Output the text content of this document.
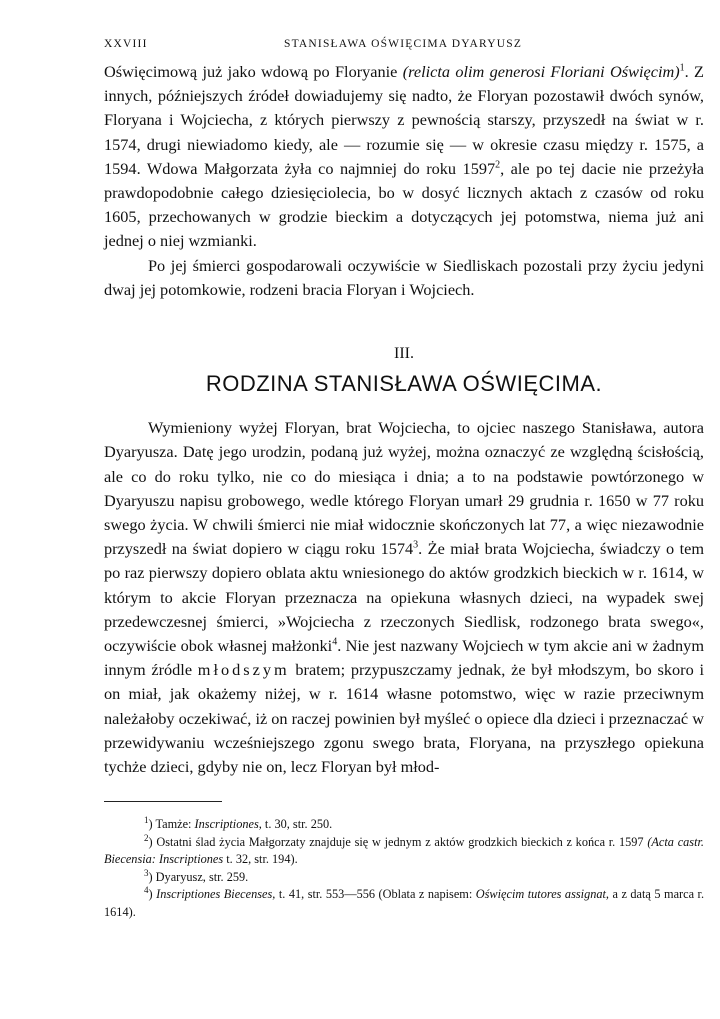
XXVIII	STANISŁAWA OŚWIĘCIMA DYARYUSZ

Oświęcimową już jako wdową po Floryanie (relicta olim generosi Floriani Oświęcim)$^1$. Z innych, późniejszych źródeł dowiadujemy się nadto, że Floryan pozostawił dwóch synów, Floryana i Wojciecha, z których pierwszy z pewnością starszy, przyszedł na świat w r. 1574, drugi niewiadomo kiedy, ale — rozumie się — w okresie czasu między r. 1575, a 1594. Wdowa Małgorzata żyła co najmniej do roku 1597$^2$, ale po tej dacie nie przeżyła prawdopodobnie całego dziesięciolecia, bo w dosyć licznych aktach z czasów od roku 1605, przechowanych w grodzie bieckim a dotyczących jej potomstwa, niema już ani jednej o niej wzmianki.

Po jej śmierci gospodarowali oczywiście w Siedliskach pozostali przy życiu jedyni dwaj jej potomkowie, rodzeni bracia Floryan i Wojciech.

III.
RODZINA STANISŁAWA OŚWIĘCIMA.

Wymieniony wyżej Floryan, brat Wojciecha, to ojciec naszego Stanisława, autora Dyaryusza. Datę jego urodzin, podaną już wyżej, można oznaczyć ze względną ścisłością, ale co do roku tylko, nie co do miesiąca i dnia; a to na podstawie powtórzonego w Dyaryuszu napisu grobowego, wedle którego Floryan umarł 29 grudnia r. 1650 w 77 roku swego życia. W chwili śmierci nie miał widocznie skończonych lat 77, a więc niezawodnie przyszedł na świat dopiero w ciągu roku 1574$^3$. Że miał brata Wojciecha, świadczy o tem po raz pierwszy dopiero oblata aktu wniesionego do aktów grodzkich bieckich w r. 1614, w którym to akcie Floryan przeznacza na opiekuna własnych dzieci, na wypadek swej przedewczesnej śmierci, »Wojciecha z rzeczonych Siedlisk, rodzonego brata swego«, oczywiście obok własnej małżonki$^4$. Nie jest nazwany Wojciech w tym akcie ani w żadnym innym źródle młodszym bratem; przypuszczamy jednak, że był młodszym, bo skoro i on miał, jak okażemy niżej, w r. 1614 własne potomstwo, więc w razie przeciwnym należałoby oczekiwać, iż on raczej powinien był myśleć o opiece dla dzieci i przeznaczać w przewidywaniu wcześniejszego zgonu swego brata, Floryana, na przyszłego opiekuna tychże dzieci, gdyby nie on, lecz Floryan był młod-

$^1$) Tamże: Inscriptiones, t. 30, str. 250.
$^2$) Ostatni ślad życia Małgorzaty znajduje się w jednym z aktów grodzkich bieckich z końca r. 1597 (Acta castr. Biecensia: Inscriptiones t. 32, str. 194).
$^3$) Dyaryusz, str. 259.
$^4$) Inscriptiones Biecenses, t. 41, str. 553—556 (Oblata z napisem: Oświęcim tutores assignat, a z datą 5 marca r. 1614).
